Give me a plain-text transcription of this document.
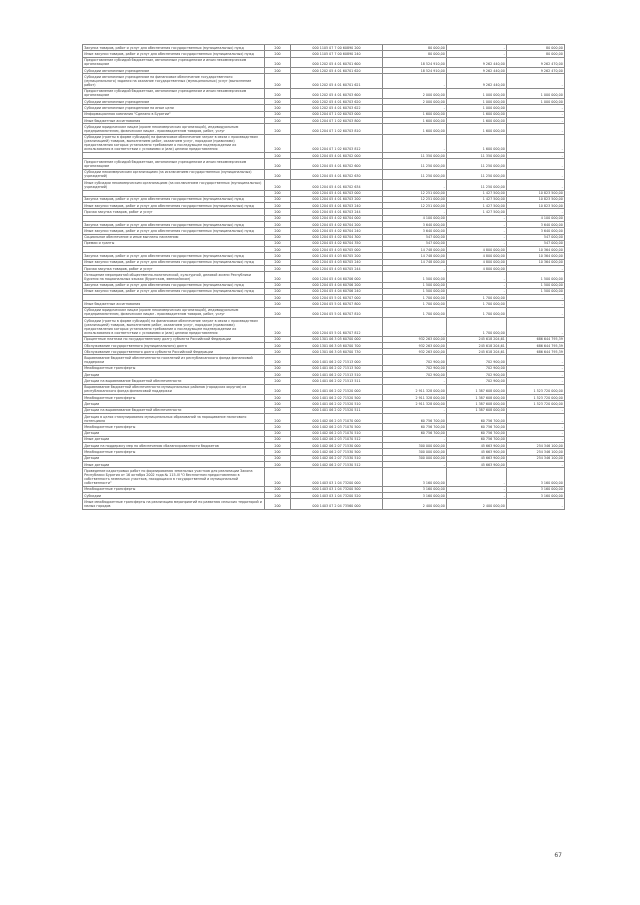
Закупка товаров, работ и услуг для обеспечения государственных (муниципальных) нужд	200	000 1105 07 7 00 60890 200	80 000,00	-	80 000,00
Иные закупки товаров, работ и услуг для обеспечения государственных (муниципальных) нужд	200	000 1105 07 7 00 60890 240	80 000,00	-	80 000,00
Предоставление субсидий бюджетным, автономным учреждениям и иным некоммерческим организациям	200	000 1202 05 4 01 60701 600	18 524 910,00	9 262 440,00	9 262 470,00
Субсидии автономным учреждениям	200	000 1202 05 4 01 60701 620	18 524 910,00	9 262 440,00	9 262 470,00
Субсидии автономным учреждениям на финансовое обеспечение государственного (муниципального) задания на оказание государственных (муниципальных) услуг (выполнение работ)	200	000 1202 05 4 01 60701 621	-	9 262 440,00	-
Предоставление субсидий бюджетным, автономным учреждениям и иным некоммерческим организациям	200	000 1202 05 4 01 60703 600	2 000 000,00	1 000 000,00	1 000 000,00
Субсидии автономным учреждениям	200	000 1202 05 4 01 60703 620	2 000 000,00	1 000 000,00	1 000 000,00
Субсидии автономным учреждениям на иные цели	200	000 1202 05 4 01 60703 622	-	1 000 000,00	-
Информационная кампания "Сделано в Бурятии"	200	000 1204 07 1 02 60703 000	1 600 000,00	1 600 000,00	-
Иные бюджетные ассигнования	200	000 1204 07 1 02 60703 800	1 600 000,00	1 600 000,00	-
Субсидии юридическим лицам (кроме некоммерческих организаций), индивидуальным предпринимателям, физическим лицам - производителям товаров, работ, услуг	200	000 1204 07 1 02 60703 810	1 600 000,00	1 600 000,00	-
Субсидии (гранты в форме субсидий) на финансовое обеспечение затрат в связи с производством (реализацией) товаров, выполнением работ, оказанием услуг, порядком (правилами) предоставления которых установлено требование о последующем подтверждении их использования в соответствии с условиями и (или) целями предоставления	200	000 1204 07 1 02 60703 812	-	1 600 000,00	-
	200	000 1204 05 4 01 60702 000	11 350 000,00	11 350 000,00	-
Предоставление субсидий бюджетным, автономным учреждениям и иным некоммерческим организациям	200	000 1204 05 4 01 60702 600	11 250 000,00	11 250 000,00	-
Субсидии некоммерческим организациям (за исключением государственных (муниципальных) учреждений)	200	000 1204 05 4 01 60702 630	11 250 000,00	11 250 000,00	-
Иные субсидии некоммерческим организациям (за исключением государственных (муниципальных) учреждений)	200	000 1204 05 4 01 60702 634	-	11 250 000,00	-
	200	000 1204 05 4 01 60703 000	12 251 000,00	1 427 500,00	10 823 500,00
Закупка товаров, работ и услуг для обеспечения государственных (муниципальных) нужд	200	000 1204 05 4 01 60703 200	12 251 000,00	1 427 500,00	10 823 500,00
Иные закупки товаров, работ и услуг для обеспечения государственных (муниципальных) нужд	200	000 1204 05 4 01 60703 240	12 251 000,00	1 427 500,00	10 823 500,00
Прочая закупка товаров, работ и услуг	200	000 1204 05 4 01 60703 244	-	1 427 500,00	-
	200	000 1204 05 4 02 60704 000	4 100 000,00	-	4 100 000,00
Закупка товаров, работ и услуг для обеспечения государственных (муниципальных) нужд	200	000 1204 05 4 02 60704 200	3 640 000,00	-	3 640 000,00
Иные закупки товаров, работ и услуг для обеспечения государственных (муниципальных) нужд	200	000 1204 05 4 02 60704 240	3 640 000,00	-	3 640 000,00
Социальное обеспечение и иные выплаты населению	200	000 1204 05 4 02 60704 300	547 000,00	-	547 000,00
Премии и гранты	200	000 1204 05 4 02 60704 350	547 000,00	-	547 000,00
	200	000 1204 05 4 03 60705 000	14 748 000,00	4 800 000,00	10 364 000,00
Закупка товаров, работ и услуг для обеспечения государственных (муниципальных) нужд	200	000 1204 05 4 03 60705 200	14 748 000,00	4 800 000,00	10 364 000,00
Иные закупки товаров, работ и услуг для обеспечения государственных (муниципальных) нужд	200	000 1204 05 4 03 60705 240	14 748 000,00	4 800 000,00	10 364 000,00
Прочая закупка товаров, работ и услуг	200	000 1204 05 4 03 60705 244	-	4 800 000,00	-
Оснащение мероприятий общественно-политической, культурной, деловой жизни Республики Бурятия на национальных языках (бурятском, эвенкийском)	200	000 1204 05 4 04 60706 000	1 500 000,00	-	1 500 000,00
Закупка товаров, работ и услуг для обеспечения государственных (муниципальных) нужд	200	000 1204 05 4 04 60706 200	1 500 000,00	-	1 500 000,00
Иные закупки товаров, работ и услуг для обеспечения государственных (муниципальных) нужд	200	000 1204 05 4 04 60706 240	1 500 000,00	-	1 500 000,00
	200	000 1204 05 5 01 60707 000	1 700 000,00	1 700 000,00	-
Иные бюджетные ассигнования	200	000 1204 05 5 01 60707 800	1 700 000,00	1 700 000,00	-
Субсидии юридическим лицам (кроме некоммерческих организаций), индивидуальным предпринимателям, физическим лицам - производителям товаров, работ, услуг	200	000 1204 05 5 01 60707 810	1 700 000,00	1 700 000,00	-
Субсидии (гранты в форме субсидий) на финансовое обеспечение затрат в связи с производством (реализацией) товаров, выполнением работ, оказанием услуг, порядком (правилами) предоставления которых установлено требование о последующем подтверждении их использования в соответствии с условиями и (или) целями предоставления	200	000 1204 05 5 01 60707 812	-	1 700 000,00	-
Процентные платежи по государственному долгу субъекта Российской Федерации	200	000 1301 06 3 05 60700 000	932 263 000,00	245 618 204,61	686 644 795,39
Обслуживание государственного (муниципального) долга	200	000 1301 06 3 05 60700 700	932 263 000,00	245 618 204,61	686 644 795,39
Обслуживание государственного долга субъекта Российской Федерации	200	000 1301 06 3 05 60700 730	932 263 000,00	245 618 204,61	686 644 795,39
Выравнивание бюджетной обеспеченности поселений из республиканского фонда финансовой поддержки	200	000 1401 06 2 02 71513 000	702 900,00	702 900,00	-
Межбюджетные трансферты	200	000 1401 06 2 02 71513 500	702 900,00	702 900,00	-
Дотации	200	000 1401 06 2 02 71513 510	702 900,00	702 900,00	-
Дотации на выравнивание бюджетной обеспеченности	200	000 1401 06 2 02 71513 511	-	702 900,00	-
Выравнивание бюджетной обеспеченности муниципальных районов (городских округов) из республиканского фонда финансовой поддержки	200	000 1401 06 2 02 71520 000	2 911 328 000,00	1 387 608 000,00	1 523 720 000,00
Межбюджетные трансферты	200	000 1401 06 2 02 71520 500	2 911 328 000,00	1 387 608 000,00	1 523 720 000,00
Дотации	200	000 1401 06 2 02 71520 510	2 911 328 000,00	1 387 608 000,00	1 523 720 000,00
Дотации на выравнивание бюджетной обеспеченности	200	000 1401 06 2 02 71520 511	-	1 387 608 000,00	-
Дотация в целях стимулирования муниципальных образований за наращивание налогового потенциала	200	000 1402 06 2 03 71070 000	60 756 700,00	60 756 700,00	-
Межбюджетные трансферты	200	000 1402 06 2 03 71070 500	60 756 700,00	60 756 700,00	-
Дотации	200	000 1402 06 2 03 71070 510	60 756 700,00	60 756 700,00	-
Иные дотации	200	000 1402 06 2 03 71070 512	-	60 756 700,00	-
Дотации на поддержку мер по обеспечению сбалансированности бюджетов	200	000 1402 06 2 07 71530 000	300 000 000,00	45 663 900,00	254 346 100,00
Межбюджетные трансферты	200	000 1402 06 2 07 71530 500	300 000 000,00	45 663 900,00	254 346 100,00
Дотации	200	000 1402 06 2 07 71530 510	300 000 000,00	45 663 900,00	254 346 100,00
Иные дотации	200	000 1402 06 2 07 71530 512	-	45 663 900,00	-
Проведение кадастровых работ по формированию земельных участков для реализации Закона Республики Бурятия от 16 октября 2002 года № 115-III "О бесплатном предоставлении в собственность земельных участков, находящихся в государственной и муниципальной собственности"	200	000 1403 03 1 04 73200 000	3 160 000,00	-	3 160 000,00
Межбюджетные трансферты	200	000 1403 03 1 04 73200 500	3 160 000,00	-	3 160 000,00
Субсидии	200	000 1403 03 1 04 73200 520	3 160 000,00	-	3 160 000,00
Иные межбюджетные трансферты на реализацию мероприятий по развитию сельских территорий и малых городов	200	000 1403 07 2 04 73560 000	2 400 000,00	2 400 000,00	-
67
